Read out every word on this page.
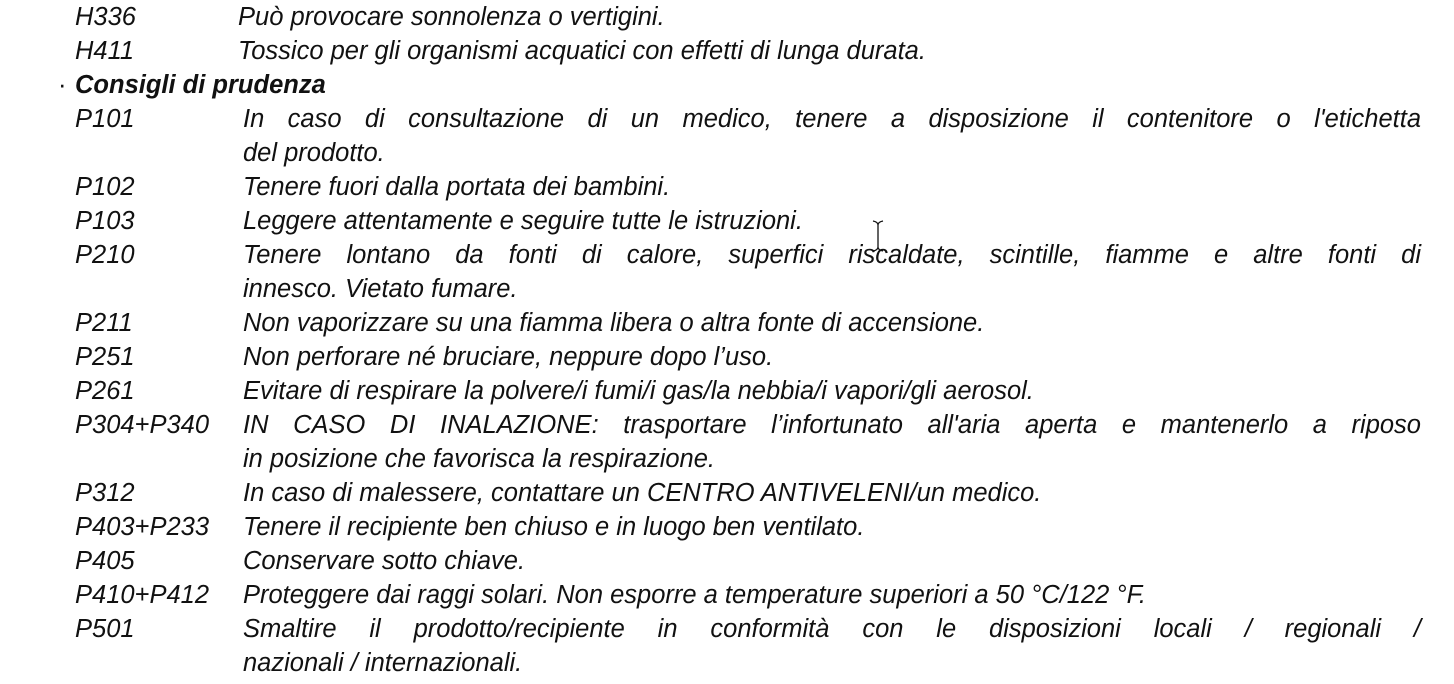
H336	Può provocare sonnolenza o vertigini.
H411	Tossico per gli organismi acquatici con effetti di lunga durata.
· Consigli di prudenza
P101	In caso di consultazione di un medico, tenere a disposizione il contenitore o l'etichetta
del prodotto.
P102	Tenere fuori dalla portata dei bambini.
P103	Leggere attentamente e seguire tutte le istruzioni.
P210	Tenere lontano da fonti di calore, superfici riscaldate, scintille, fiamme e altre fonti di
innesco. Vietato fumare.
P211	Non vaporizzare su una fiamma libera o altra fonte di accensione.
P251	Non perforare né bruciare, neppure dopo l’uso.
P261	Evitare di respirare la polvere/i fumi/i gas/la nebbia/i vapori/gli aerosol.
P304+P340 IN CASO DI INALAZIONE: trasportare l’infortunato all'aria aperta e mantenerlo a riposo
in posizione che favorisca la respirazione.
P312	In caso di malessere, contattare un CENTRO ANTIVELENI/un medico.
P403+P233 Tenere il recipiente ben chiuso e in luogo ben ventilato.
P405	Conservare sotto chiave.
P410+P412 Proteggere dai raggi solari. Non esporre a temperature superiori a 50 °C/122 °F.
P501	Smaltire il prodotto/recipiente in conformità con le disposizioni locali / regionali /
nazionali / internazionali.
